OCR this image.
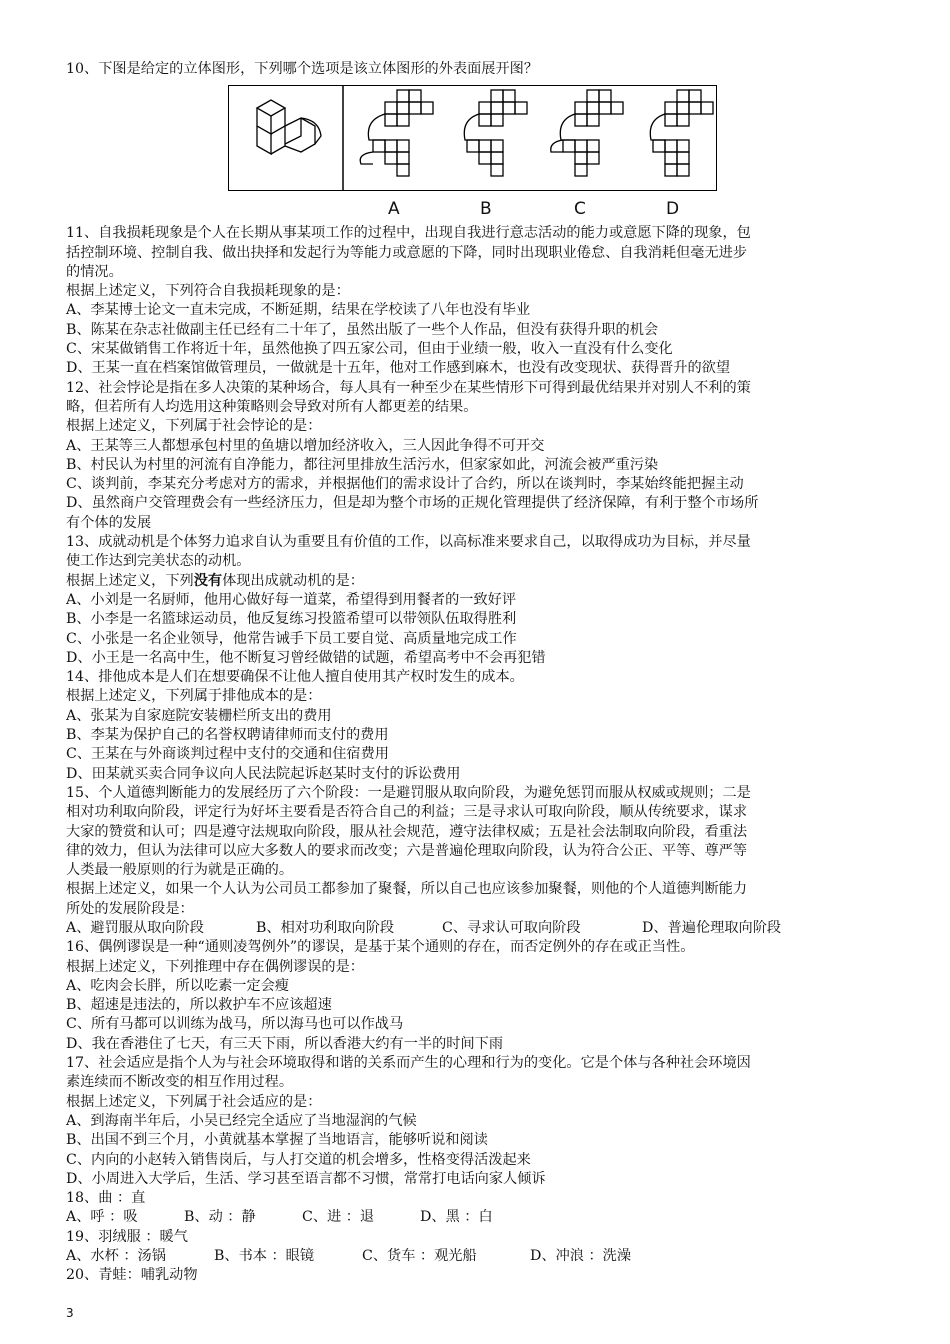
10、下图是给定的立体图形，下列哪个选项是该立体图形的外表面展开图？
A	B	C	D
11、自我损耗现象是个人在长期从事某项工作的过程中，出现自我进行意志活动的能力或意愿下降的现象，包
括控制环境、控制自我、做出抉择和发起行为等能力或意愿的下降，同时出现职业倦怠、自我消耗但毫无进步
的情况。
根据上述定义，下列符合自我损耗现象的是：
A、李某博士论文一直未完成，不断延期，结果在学校读了八年也没有毕业
B、陈某在杂志社做副主任已经有二十年了，虽然出版了一些个人作品，但没有获得升职的机会
C、宋某做销售工作将近十年，虽然他换了四五家公司，但由于业绩一般，收入一直没有什么变化
D、王某一直在档案馆做管理员，一做就是十五年，他对工作感到麻木，也没有改变现状、获得晋升的欲望
12、社会悖论是指在多人决策的某种场合，每人具有一种至少在某些情形下可得到最优结果并对别人不利的策
略，但若所有人均选用这种策略则会导致对所有人都更差的结果。
根据上述定义，下列属于社会悖论的是：
A、王某等三人都想承包村里的鱼塘以增加经济收入，三人因此争得不可开交
B、村民认为村里的河流有自净能力，都往河里排放生活污水，但家家如此，河流会被严重污染
C、谈判前，李某充分考虑对方的需求，并根据他们的需求设计了合约，所以在谈判时，李某始终能把握主动
D、虽然商户交管理费会有一些经济压力，但是却为整个市场的正规化管理提供了经济保障，有利于整个市场所
有个体的发展
13、成就动机是个体努力追求自认为重要且有价值的工作，以高标准来要求自己，以取得成功为目标，并尽量
使工作达到完美状态的动机。
根据上述定义，下列没有体现出成就动机的是：
A、小刘是一名厨师，他用心做好每一道菜，希望得到用餐者的一致好评
B、小李是一名篮球运动员，他反复练习投篮希望可以带领队伍取得胜利
C、小张是一名企业领导，他常告诫手下员工要自觉、高质量地完成工作
D、小王是一名高中生，他不断复习曾经做错的试题，希望高考中不会再犯错
14、排他成本是人们在想要确保不让他人擅自使用其产权时发生的成本。
根据上述定义，下列属于排他成本的是：
A、张某为自家庭院安装栅栏所支出的费用
B、李某为保护自己的名誉权聘请律师而支付的费用
C、王某在与外商谈判过程中支付的交通和住宿费用
D、田某就买卖合同争议向人民法院起诉赵某时支付的诉讼费用
15、个人道德判断能力的发展经历了六个阶段：一是避罚服从取向阶段，为避免惩罚而服从权威或规则；二是
相对功利取向阶段，评定行为好坏主要看是否符合自己的利益；三是寻求认可取向阶段，顺从传统要求，谋求
大家的赞赏和认可；四是遵守法规取向阶段，服从社会规范，遵守法律权威；五是社会法制取向阶段，看重法
律的效力，但认为法律可以应大多数人的要求而改变；六是普遍伦理取向阶段，认为符合公正、平等、尊严等
人类最一般原则的行为就是正确的。
根据上述定义，如果一个人认为公司员工都参加了聚餐，所以自己也应该参加聚餐，则他的个人道德判断能力
所处的发展阶段是：
A、避罚服从取向阶段	B、相对功利取向阶段	C、寻求认可取向阶段	D、普遍伦理取向阶段
16、偶例谬误是一种“通则凌驾例外”的谬误，是基于某个通则的存在，而否定例外的存在或正当性。
根据上述定义，下列推理中存在偶例谬误的是：
A、吃肉会长胖，所以吃素一定会瘦
B、超速是违法的，所以救护车不应该超速
C、所有马都可以训练为战马，所以海马也可以作战马
D、我在香港住了七天，有三天下雨，所以香港大约有一半的时间下雨
17、社会适应是指个人为与社会环境取得和谐的关系而产生的心理和行为的变化。它是个体与各种社会环境因
素连续而不断改变的相互作用过程。
根据上述定义，下列属于社会适应的是：
A、到海南半年后，小吴已经完全适应了当地湿润的气候
B、出国不到三个月，小黄就基本掌握了当地语言，能够听说和阅读
C、内向的小赵转入销售岗后，与人打交道的机会增多，性格变得活泼起来
D、小周进入大学后，生活、学习甚至语言都不习惯，常常打电话向家人倾诉
18、曲 ：直
A、呼 ：吸	B、动 ：静	C、进 ：退	D、黑 ：白
19、羽绒服 ：暖气
A、水杯 ：汤锅	B、书本 ：眼镜	C、货车 ：观光船	D、冲浪 ：洗澡
20、青蛙：哺乳动物
3
